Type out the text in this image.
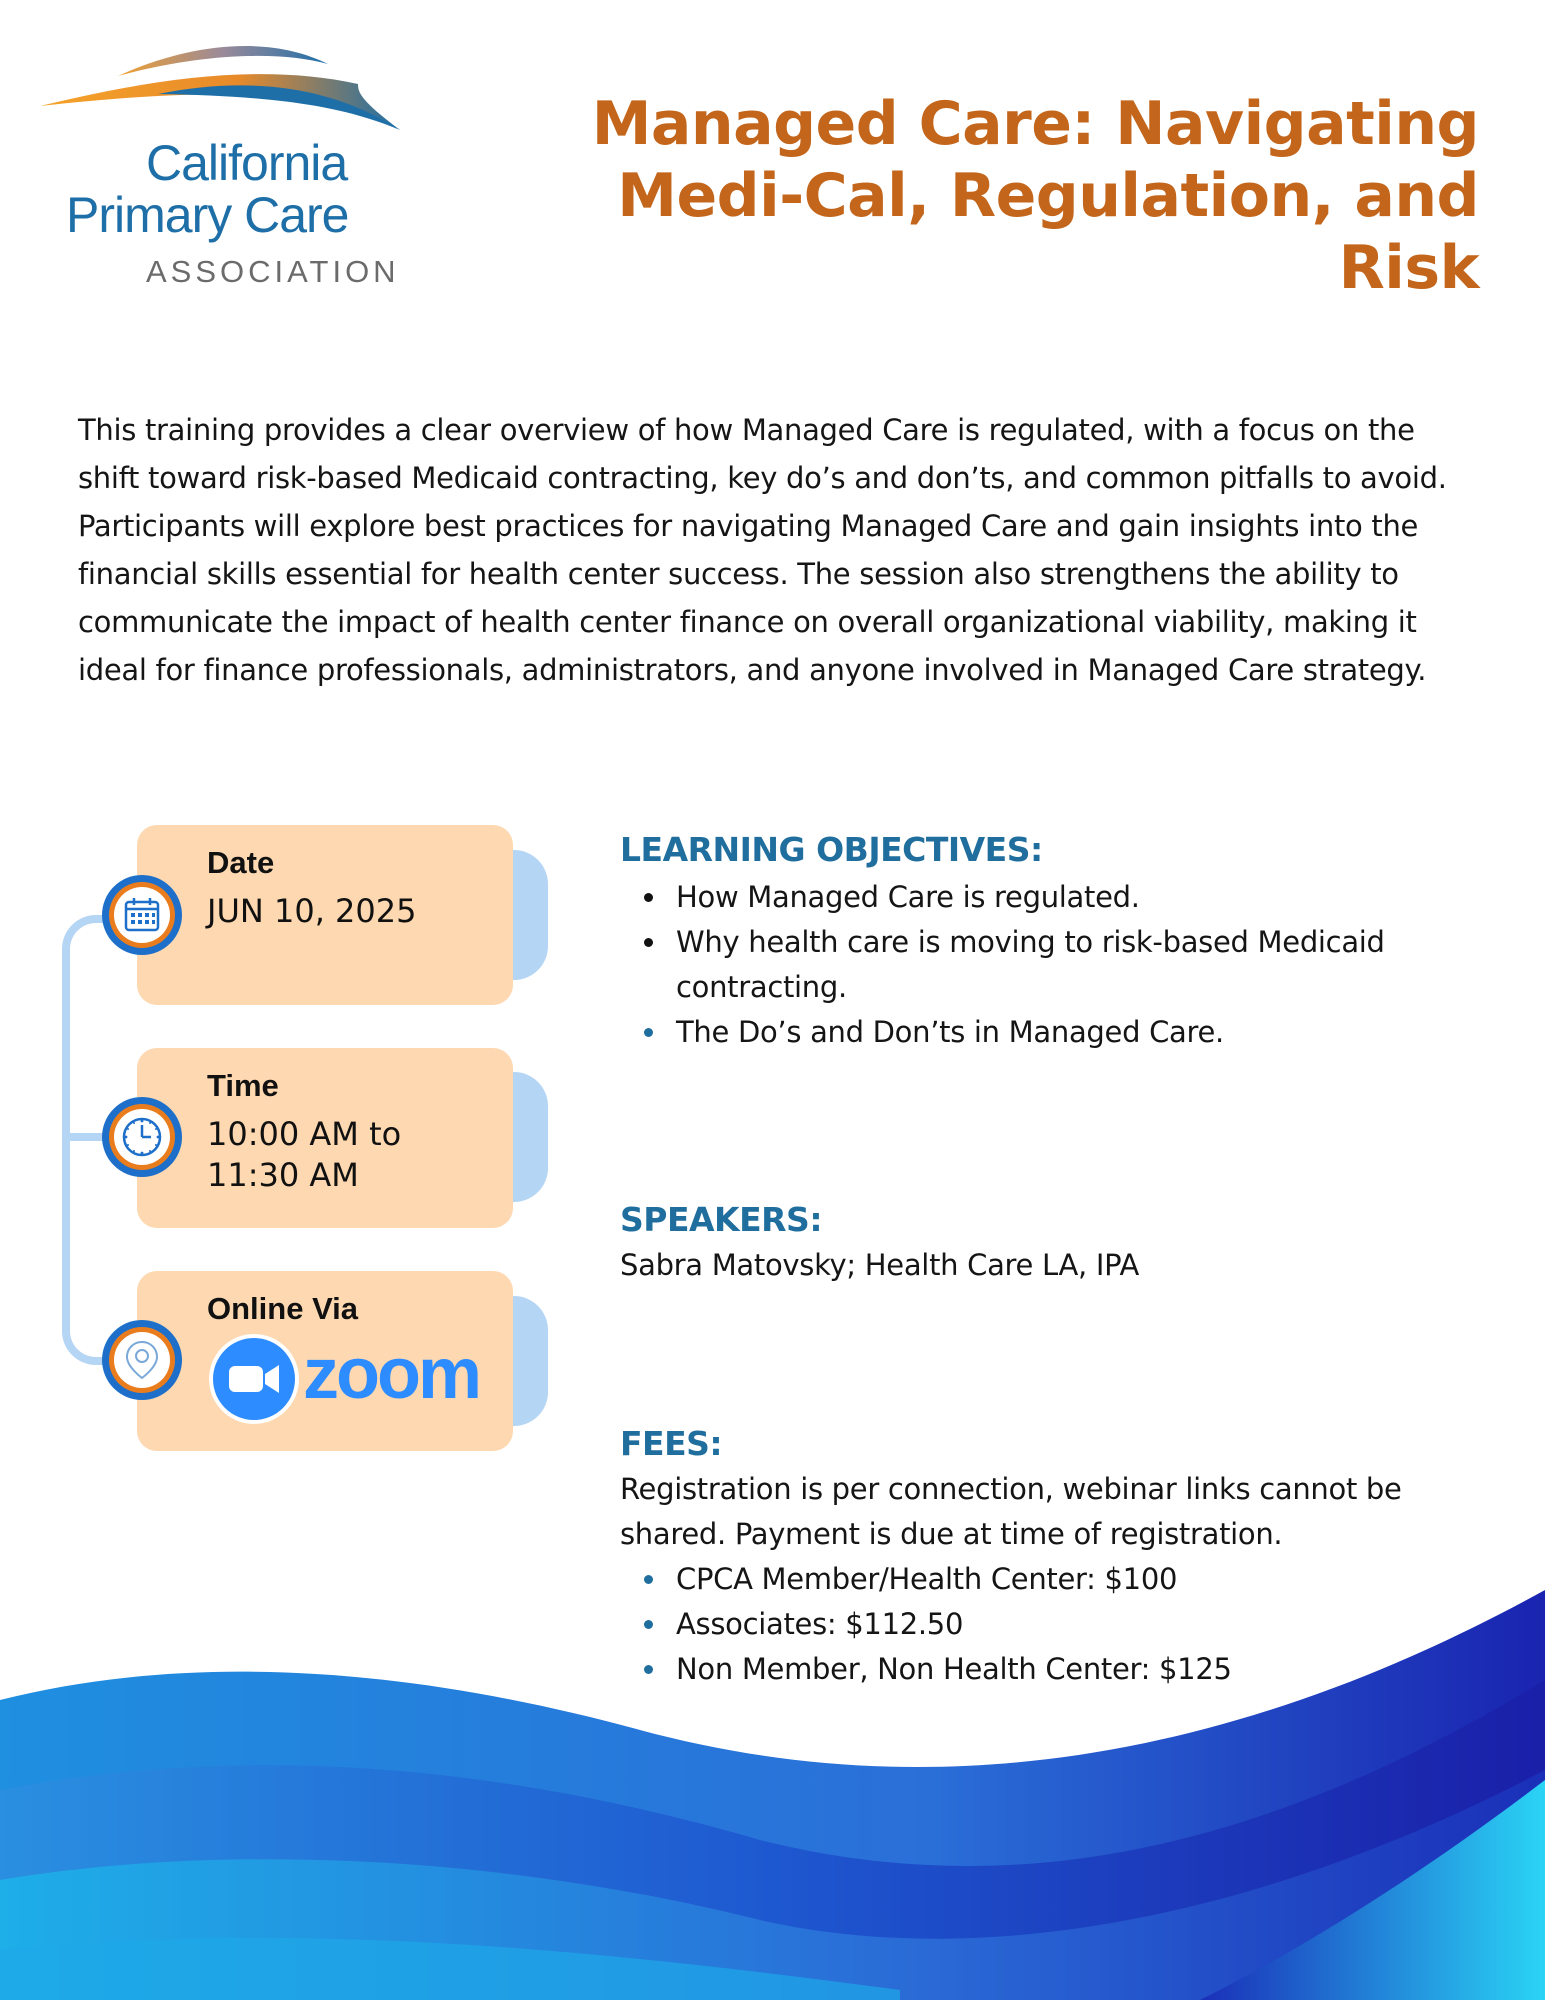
California
Primary Care
ASSOCIATION
Managed Care: Navigating
Medi-Cal, Regulation, and Risk
This training provides a clear overview of how Managed Care is regulated, with a focus on the shift toward risk-based Medicaid contracting, key do’s and don’ts, and common pitfalls to avoid. Participants will explore best practices for navigating Managed Care and gain insights into the financial skills essential for health center success. The session also strengthens the ability to communicate the impact of health center finance on overall organizational viability, making it ideal for finance professionals, administrators, and anyone involved in Managed Care strategy.
Date
JUN 10, 2025
Time
10:00 AM to
11:30 AM
Online Via
zoom
LEARNING OBJECTIVES:
How Managed Care is regulated.
Why health care is moving to risk-based Medicaid contracting.
The Do’s and Don’ts in Managed Care.
SPEAKERS:
Sabra Matovsky; Health Care LA, IPA
FEES:
Registration is per connection, webinar links cannot be
shared. Payment is due at time of registration.
CPCA Member/Health Center: $100
Associates: $112.50
Non Member, Non Health Center: $125
